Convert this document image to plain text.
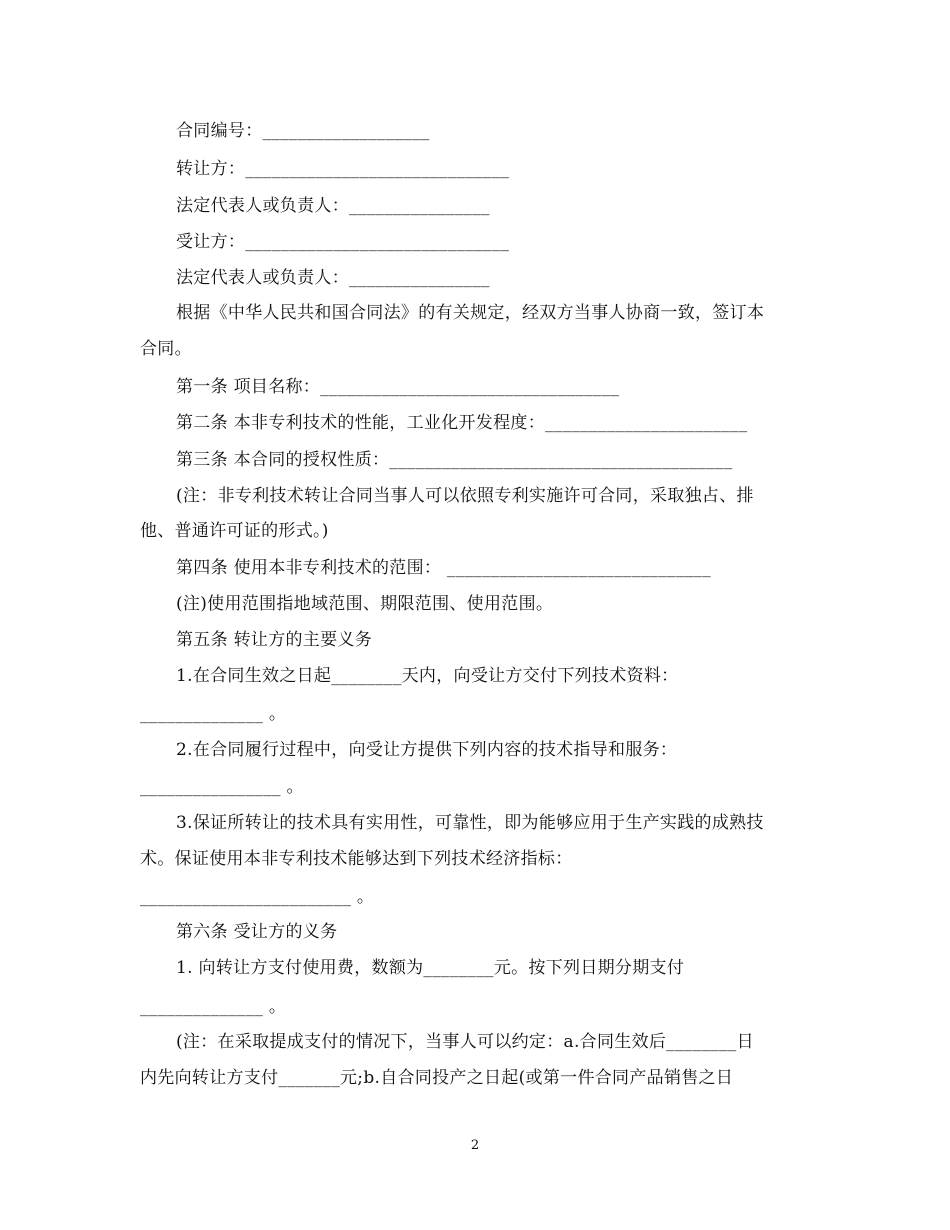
合同编号：___________________
转让方：______________________________
法定代表人或负责人：________________
受让方：______________________________
法定代表人或负责人：________________
根据《中华人民共和国合同法》的有关规定，经双方当事人协商一致，签订本
合同。
第一条 项目名称：__________________________________
第二条 本非专利技术的性能，工业化开发程度：_______________________
第三条 本合同的授权性质：_______________________________________
(注：非专利技术转让合同当事人可以依照专利实施许可合同，采取独占、排
他、普通许可证的形式。)
第四条 使用本非专利技术的范围： ______________________________
(注)使用范围指地域范围、期限范围、使用范围。
第五条 转让方的主要义务
1.在合同生效之日起________天内，向受让方交付下列技术资料：
______________ 。
2.在合同履行过程中，向受让方提供下列内容的技术指导和服务：
________________ 。
3.保证所转让的技术具有实用性，可靠性，即为能够应用于生产实践的成熟技
术。保证使用本非专利技术能够达到下列技术经济指标：
________________________ 。
第六条 受让方的义务
1. 向转让方支付使用费，数额为________元。按下列日期分期支付
______________ 。
(注：在采取提成支付的情况下，当事人可以约定：a.合同生效后________日
内先向转让方支付_______元;b.自合同投产之日起(或第一件合同产品销售之日
2
